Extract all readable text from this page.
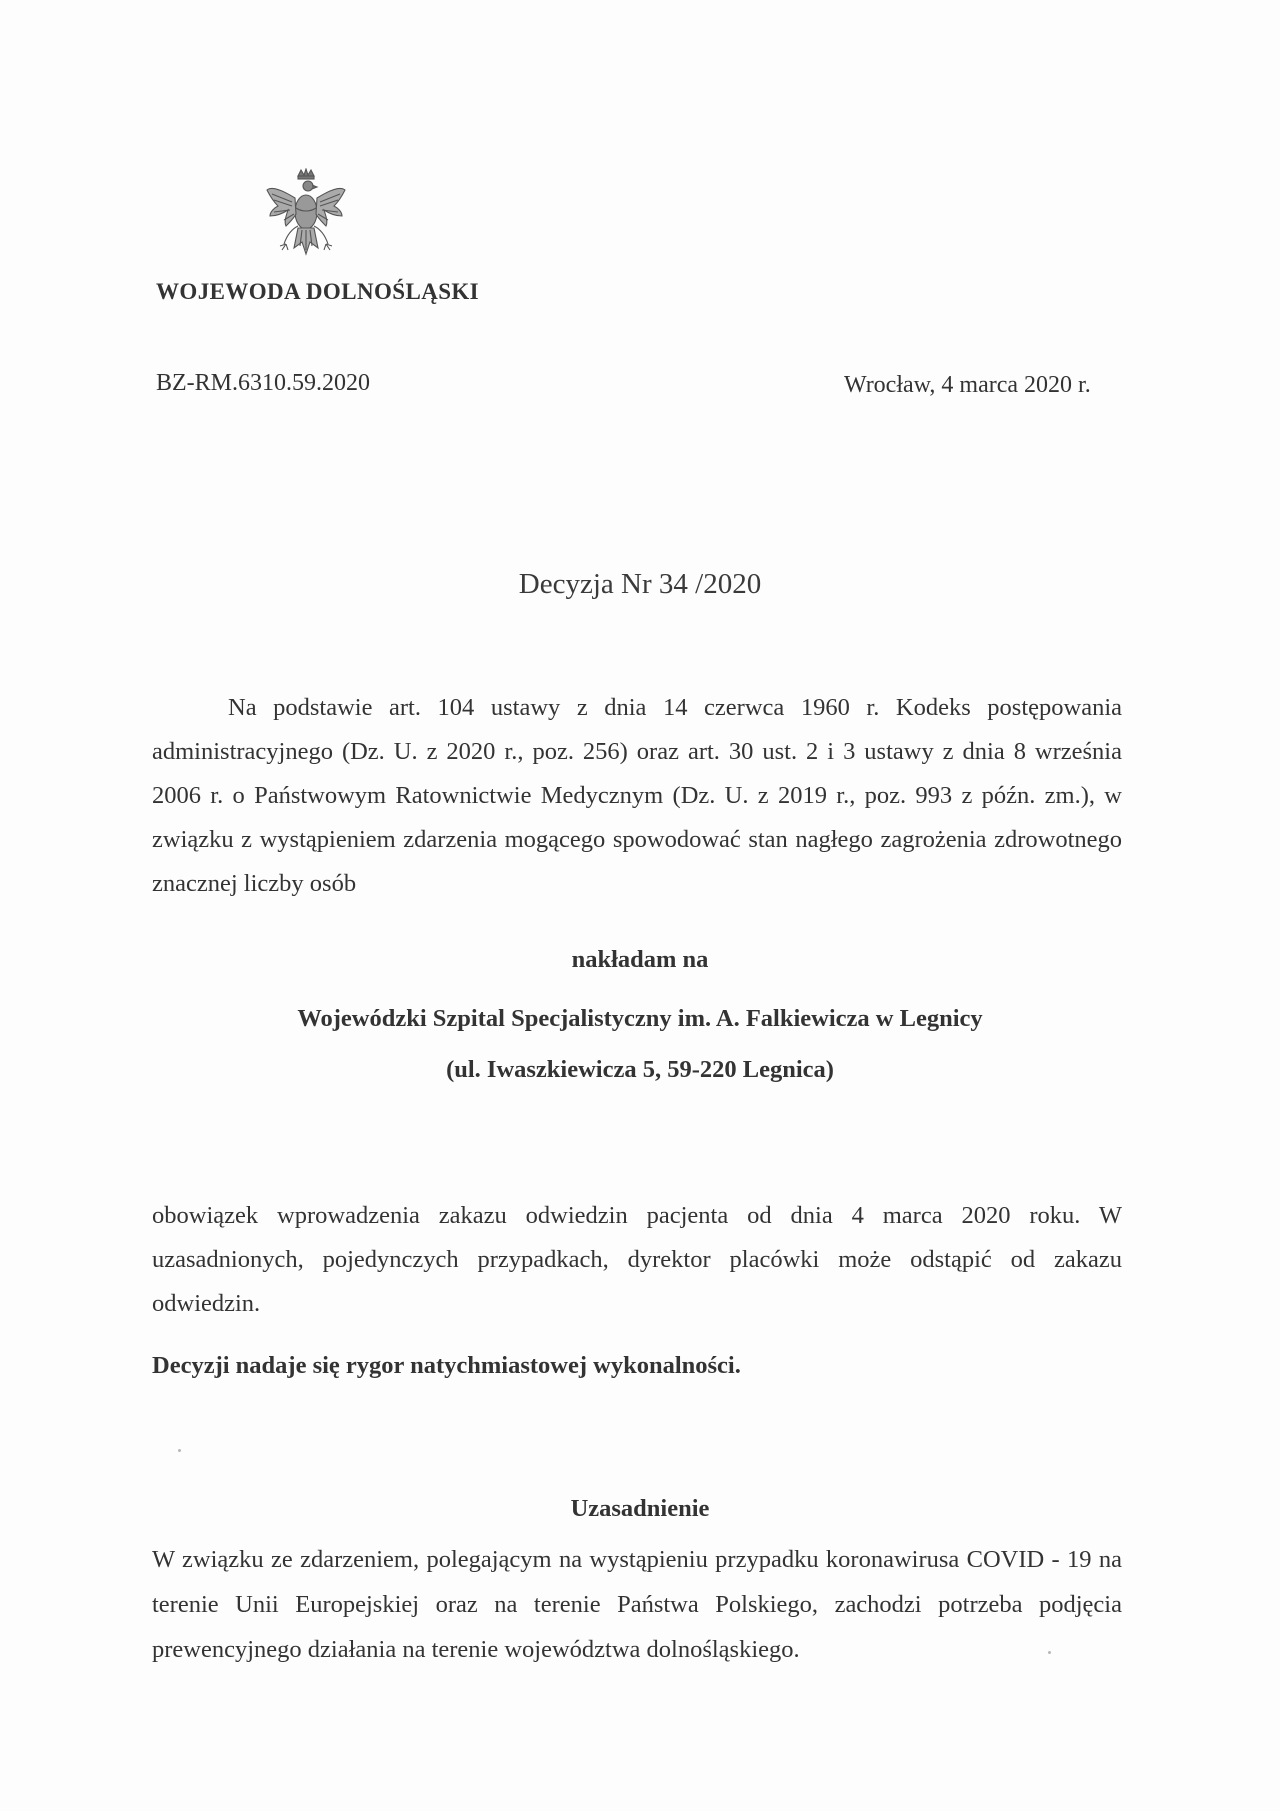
WOJEWODA DOLNOŚLĄSKI
BZ-RM.6310.59.2020	Wrocław, 4 marca 2020 r.
Decyzja Nr 34 /2020
Na podstawie art. 104 ustawy z dnia 14 czerwca 1960 r. Kodeks postępowania administracyjnego (Dz. U. z 2020 r., poz. 256) oraz art. 30 ust. 2 i 3 ustawy z dnia 8 września 2006 r. o Państwowym Ratownictwie Medycznym (Dz. U. z 2019 r., poz. 993 z późn. zm.), w związku z wystąpieniem zdarzenia mogącego spowodować stan nagłego zagrożenia zdrowotnego znacznej liczby osób
nakładam na
Wojewódzki Szpital Specjalistyczny im. A. Falkiewicza w Legnicy
(ul. Iwaszkiewicza 5, 59-220 Legnica)
obowiązek wprowadzenia zakazu odwiedzin pacjenta od dnia 4 marca 2020 roku. W uzasadnionych, pojedynczych przypadkach, dyrektor placówki może odstąpić od zakazu odwiedzin.
Decyzji nadaje się rygor natychmiastowej wykonalności.
Uzasadnienie
W związku ze zdarzeniem, polegającym na wystąpieniu przypadku koronawirusa COVID - 19 na terenie Unii Europejskiej oraz na terenie Państwa Polskiego, zachodzi potrzeba podjęcia prewencyjnego działania na terenie województwa dolnośląskiego.
